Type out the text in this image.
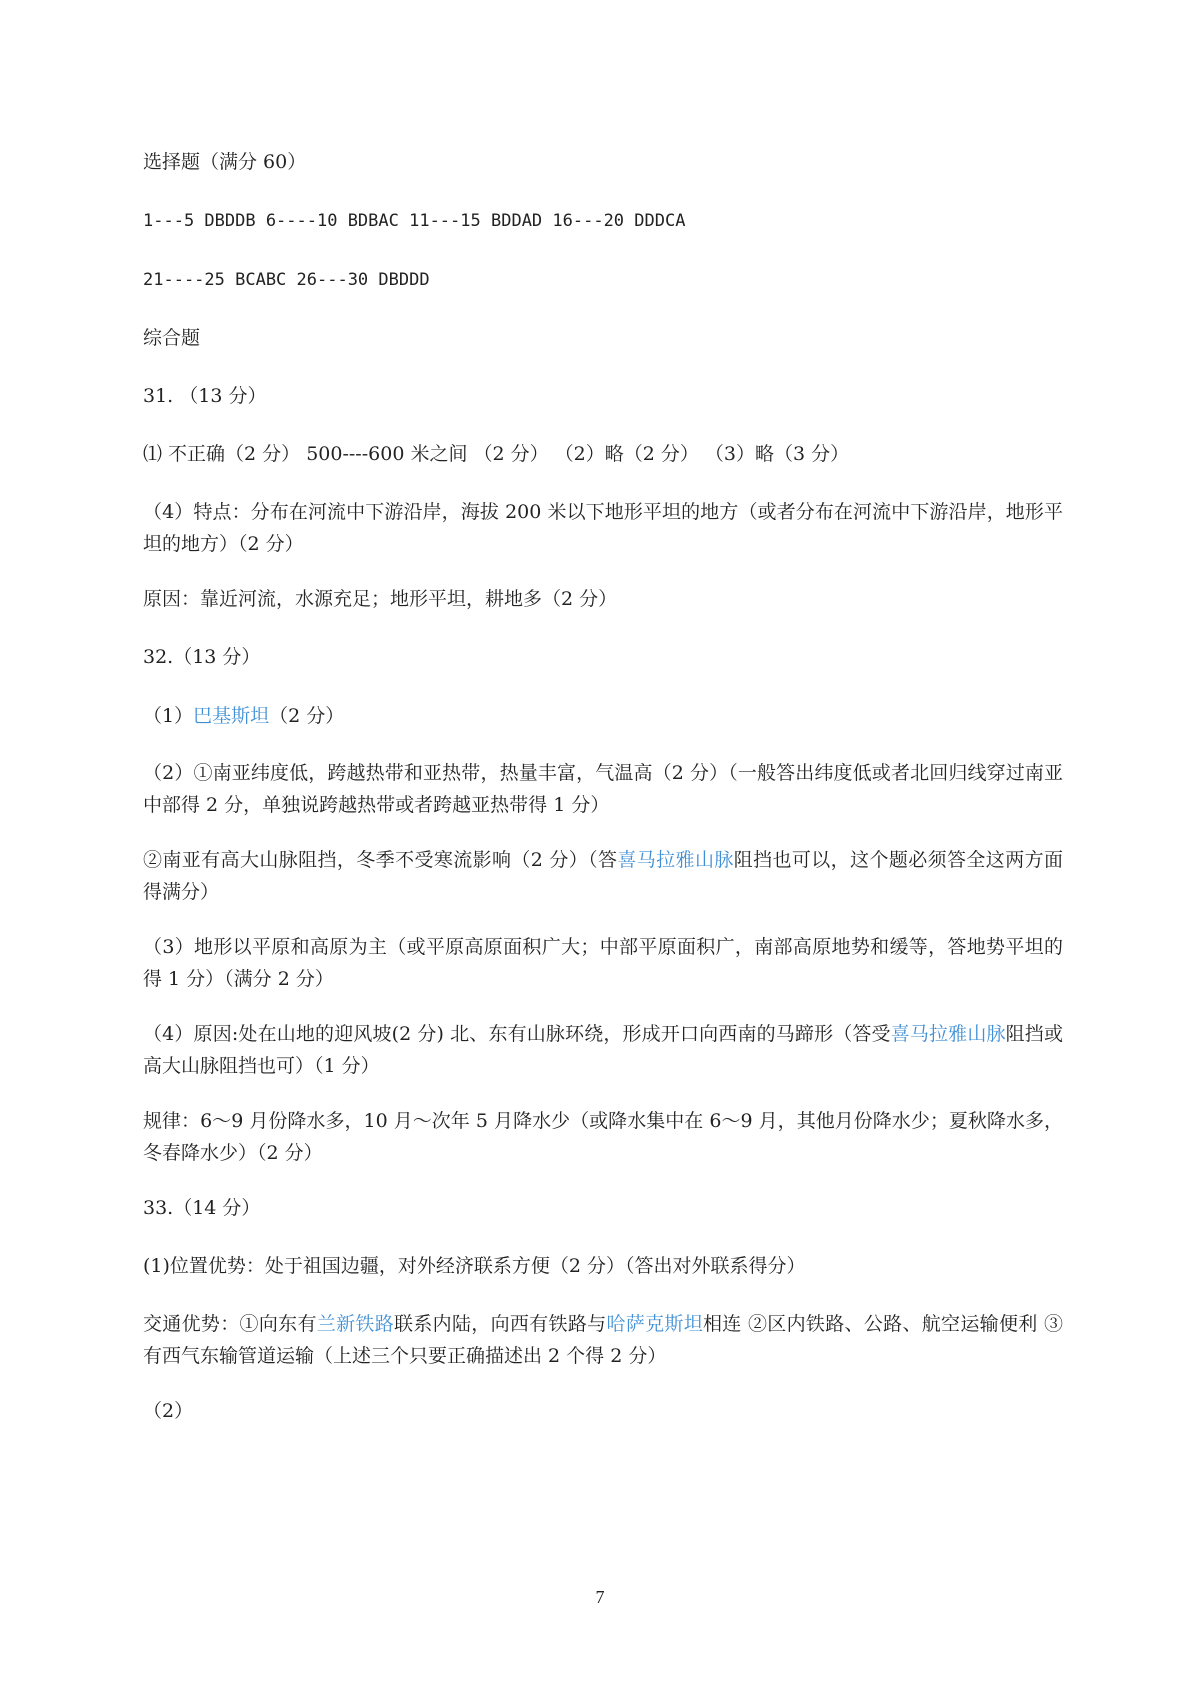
选择题（满分 60）

1---5 DBDDB 6----10 BDBAC 11---15 BDDAD 16---20 DDDCA

21----25 BCABC 26---30 DBDDD

综合题

31. （13 分）

⑴ 不正确（2 分） 500----600 米之间 （2 分） （2）略（2 分） （3）略（3 分）

（4）特点：分布在河流中下游沿岸，海拔 200 米以下地形平坦的地方（或者分布在河流中下游沿岸，地形平坦的地方）（2 分）

原因：靠近河流，水源充足；地形平坦，耕地多（2 分）

32.（13 分）

（1）巴基斯坦（2 分）

（2）①南亚纬度低，跨越热带和亚热带，热量丰富，气温高（2 分）（一般答出纬度低或者北回归线穿过南亚中部得 2 分，单独说跨越热带或者跨越亚热带得 1 分）

②南亚有高大山脉阻挡，冬季不受寒流影响（2 分）（答喜马拉雅山脉阻挡也可以，这个题必须答全这两方面得满分）

（3）地形以平原和高原为主（或平原高原面积广大；中部平原面积广，南部高原地势和缓等，答地势平坦的得 1 分）（满分 2 分）

（4）原因:处在山地的迎风坡(2 分) 北、东有山脉环绕，形成开口向西南的马蹄形（答受喜马拉雅山脉阻挡或高大山脉阻挡也可）（1 分）

规律：6～9 月份降水多，10 月～次年 5 月降水少（或降水集中在 6～9 月，其他月份降水少；夏秋降水多，冬春降水少）（2 分）

33.（14 分）

(1)位置优势：处于祖国边疆，对外经济联系方便（2 分）（答出对外联系得分）

交通优势：①向东有兰新铁路联系内陆，向西有铁路与哈萨克斯坦相连 ②区内铁路、公路、航空运输便利 ③有西气东输管道运输（上述三个只要正确描述出 2 个得 2 分）

（2）

7
